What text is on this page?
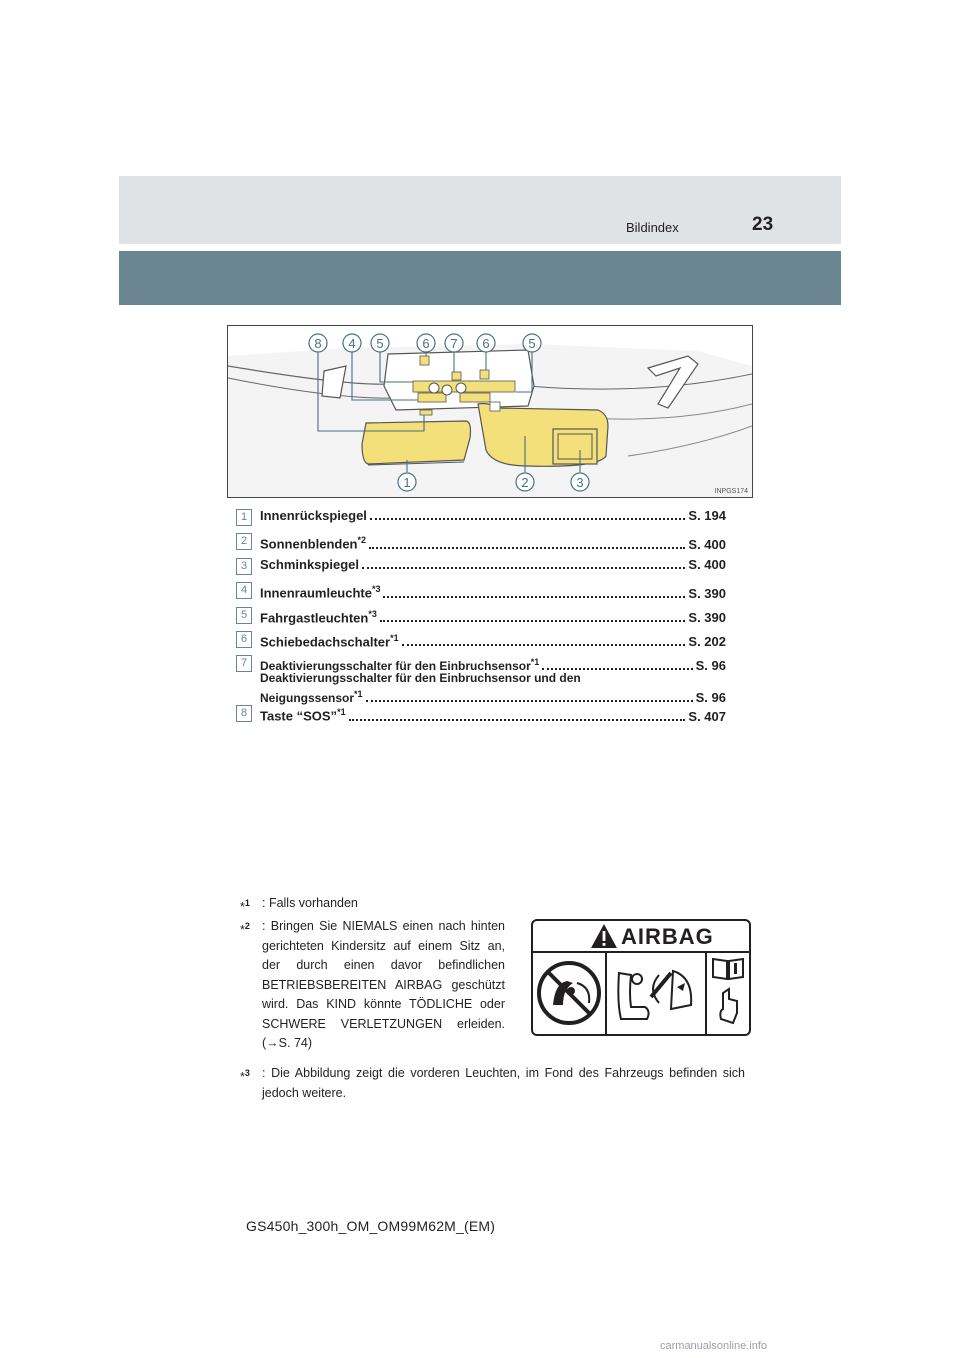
Bildindex	23
8 4 5	6 7 6	5
1	2	3
INPGS174
1 Innenrückspiegel	S. 194
2 Sonnenblenden$^{*2}$	S. 400
3 Schminkspiegel	S. 400
4 Innenraumleuchte$^{*3}$	S. 390
5 Fahrgastleuchten$^{*3}$	S. 390
6 Schiebedachschalter$^{*1}$	S. 202
7	Deaktivierungsschalter für den Einbruchsensor$^{*1}$	S. 96
Deaktivierungsschalter für den Einbruchsensor und den
Neigungssensor$^{*1}$	S. 96
8 Taste “SOS”$^{*1}$	S. 407
*$^1$ : Falls vorhanden
*$^2$ : Bringen Sie NIEMALS einen nach hinten gerichteten Kindersitz auf einem Sitz an, der durch einen davor befindlichen BETRIEBSBEREITEN AIRBAG geschützt wird. Das KIND könnte TÖDLICHE oder SCHWERE VERLETZUNGEN erleiden. (→S. 74)
*$^3$ : Die Abbildung zeigt die vorderen Leuchten, im Fond des Fahrzeugs befinden sich jedoch weitere.
AIRBAG
GS450h_300h_OM_OM99M62M_(EM)
carmanualsonline.info
